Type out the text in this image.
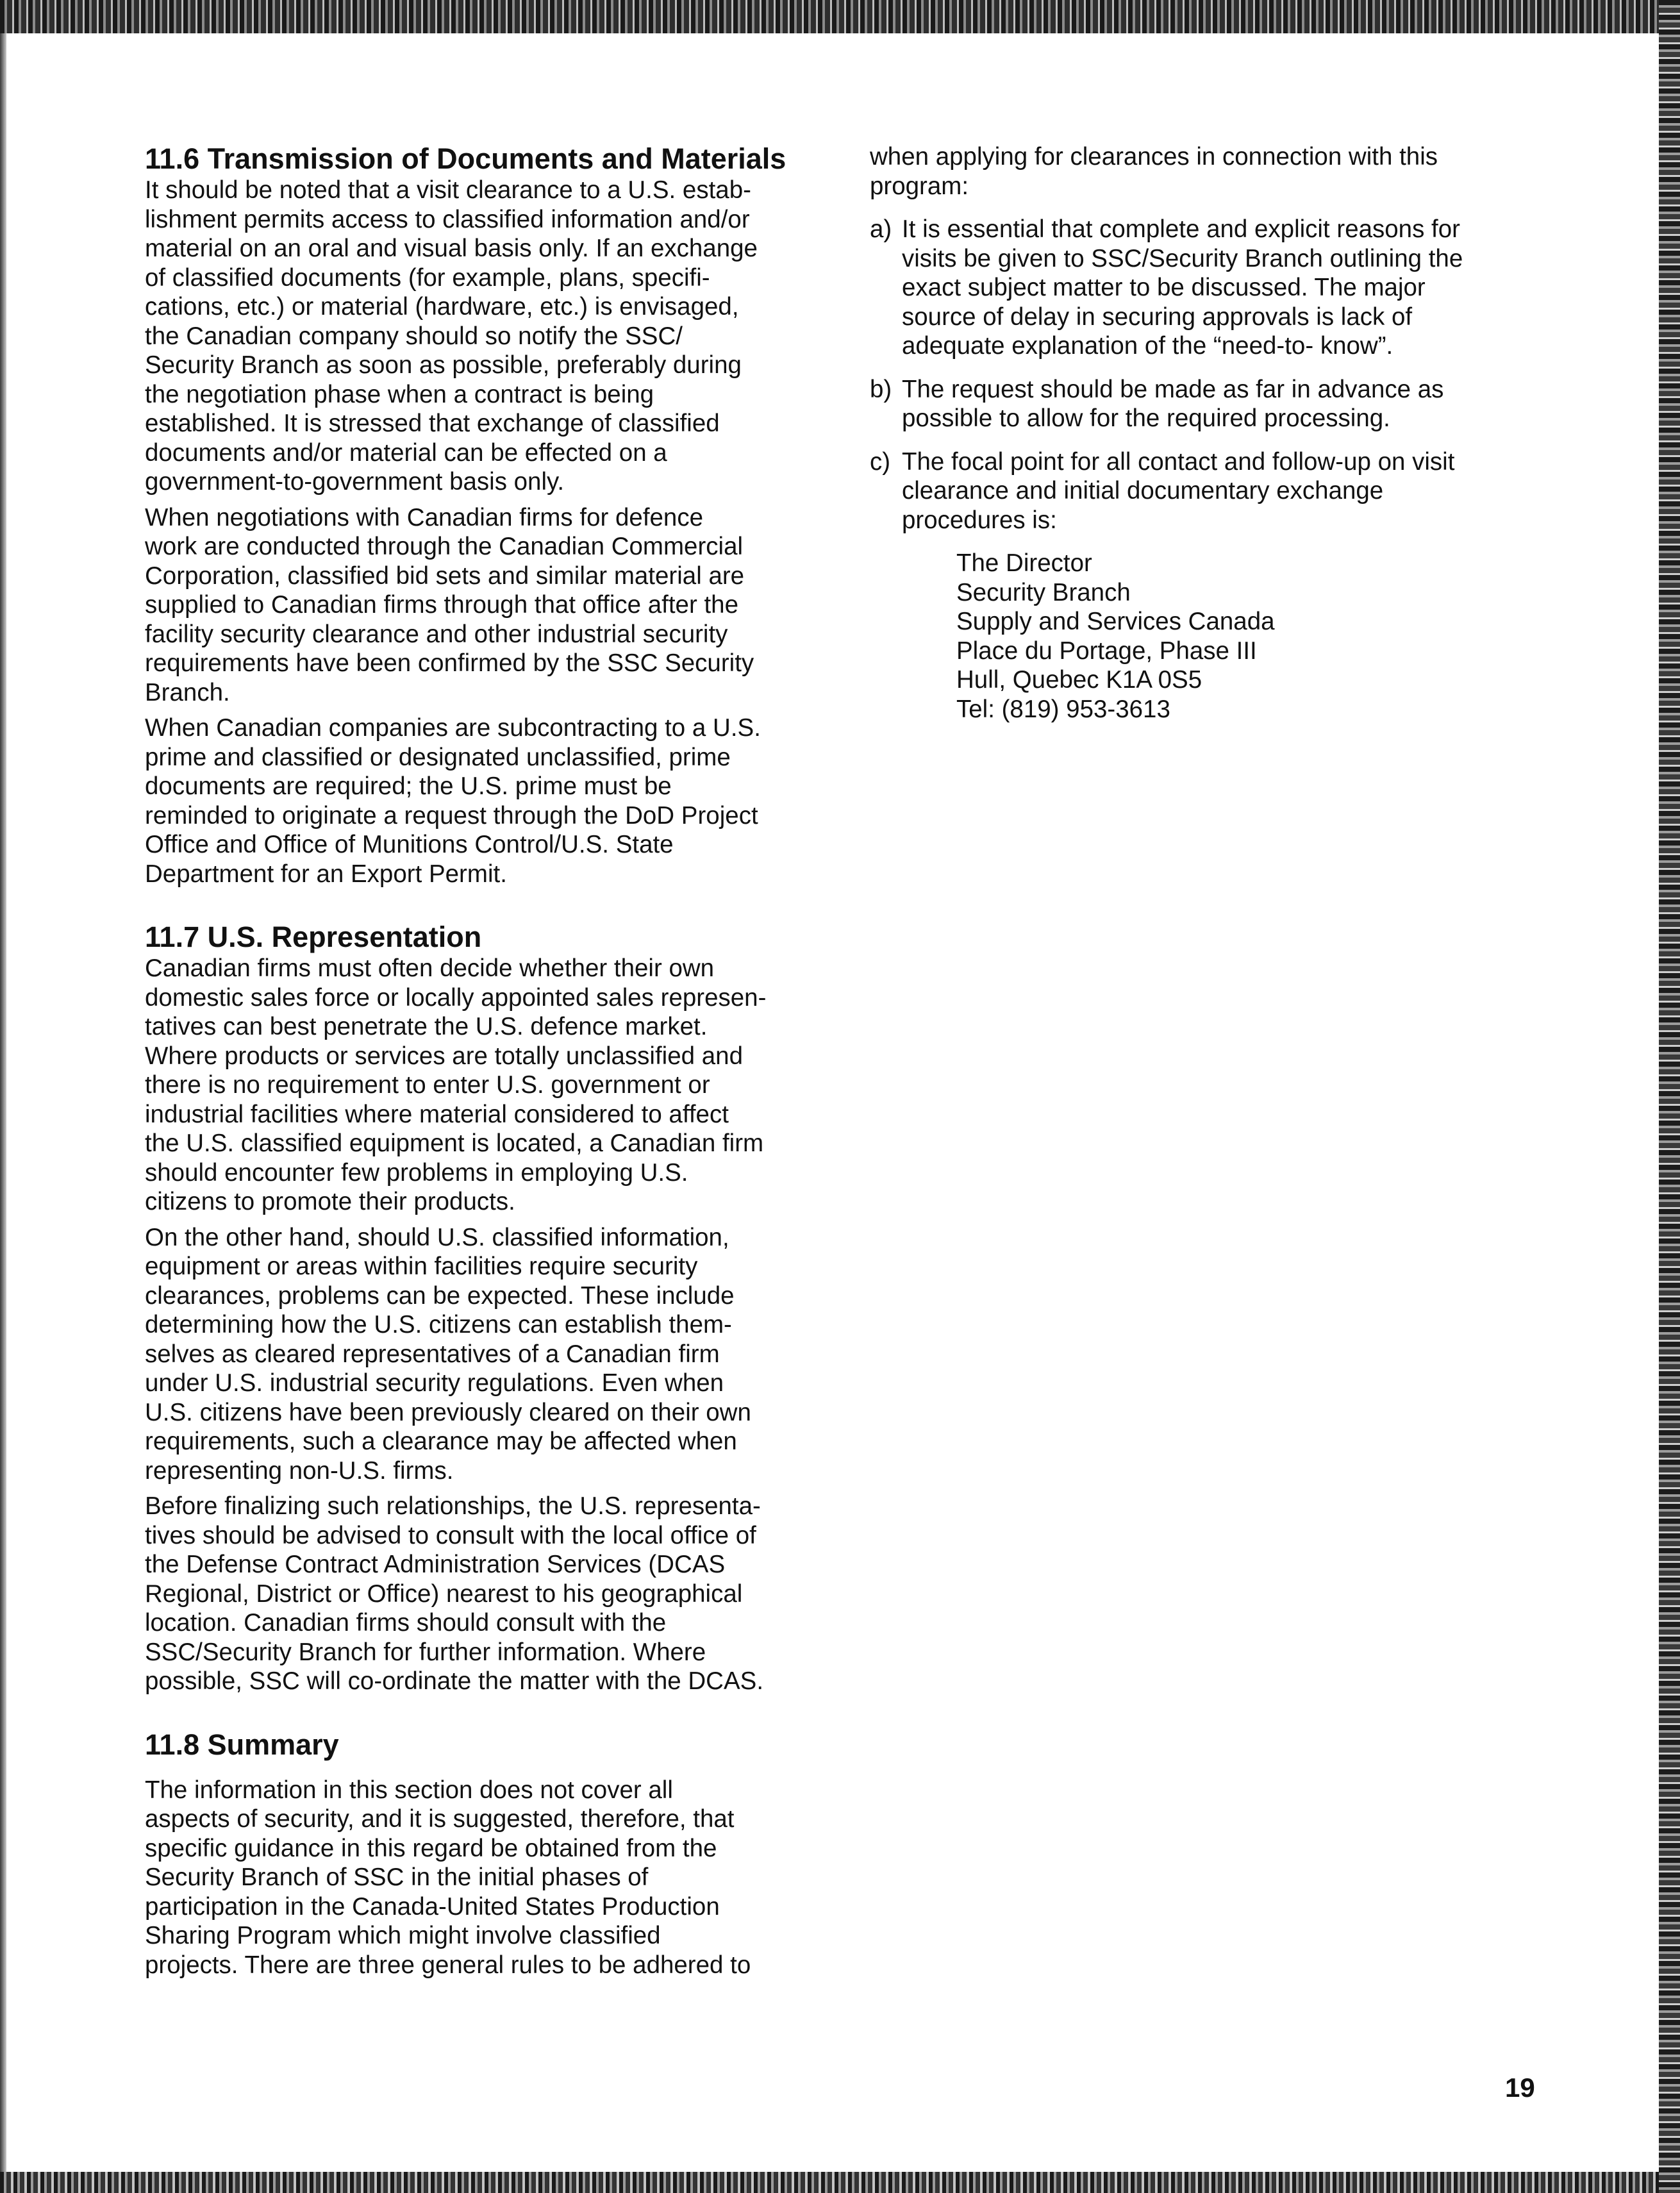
11.6 Transmission of Documents and Materials
It should be noted that a visit clearance to a U.S. estab-
lishment permits access to classified information and/or
material on an oral and visual basis only. If an exchange
of classified documents (for example, plans, specifi-
cations, etc.) or material (hardware, etc.) is envisaged,
the Canadian company should so notify the SSC/
Security Branch as soon as possible, preferably during
the negotiation phase when a contract is being
established. It is stressed that exchange of classified
documents and/or material can be effected on a
government-to-government basis only.
When negotiations with Canadian firms for defence
work are conducted through the Canadian Commercial
Corporation, classified bid sets and similar material are
supplied to Canadian firms through that office after the
facility security clearance and other industrial security
requirements have been confirmed by the SSC Security
Branch.
When Canadian companies are subcontracting to a U.S.
prime and classified or designated unclassified, prime
documents are required; the U.S. prime must be
reminded to originate a request through the DoD Project
Office and Office of Munitions Control/U.S. State
Department for an Export Permit.
11.7 U.S. Representation
Canadian firms must often decide whether their own
domestic sales force or locally appointed sales represen-
tatives can best penetrate the U.S. defence market.
Where products or services are totally unclassified and
there is no requirement to enter U.S. government or
industrial facilities where material considered to affect
the U.S. classified equipment is located, a Canadian firm
should encounter few problems in employing U.S.
citizens to promote their products.
On the other hand, should U.S. classified information,
equipment or areas within facilities require security
clearances, problems can be expected. These include
determining how the U.S. citizens can establish them-
selves as cleared representatives of a Canadian firm
under U.S. industrial security regulations. Even when
U.S. citizens have been previously cleared on their own
requirements, such a clearance may be affected when
representing non-U.S. firms.
Before finalizing such relationships, the U.S. representa-
tives should be advised to consult with the local office of
the Defense Contract Administration Services (DCAS
Regional, District or Office) nearest to his geographical
location. Canadian firms should consult with the
SSC/Security Branch for further information. Where
possible, SSC will co-ordinate the matter with the DCAS.
11.8 Summary
The information in this section does not cover all
aspects of security, and it is suggested, therefore, that
specific guidance in this regard be obtained from the
Security Branch of SSC in the initial phases of
participation in the Canada-United States Production
Sharing Program which might involve classified
projects. There are three general rules to be adhered to
when applying for clearances in connection with this
program:
a) It is essential that complete and explicit reasons for
visits be given to SSC/Security Branch outlining the
exact subject matter to be discussed. The major
source of delay in securing approvals is lack of
adequate explanation of the “need-to- know”.
b) The request should be made as far in advance as
possible to allow for the required processing.
c) The focal point for all contact and follow-up on visit
clearance and initial documentary exchange
procedures is:
The Director
Security Branch
Supply and Services Canada
Place du Portage, Phase III
Hull, Quebec K1A 0S5
Tel: (819) 953-3613
19
